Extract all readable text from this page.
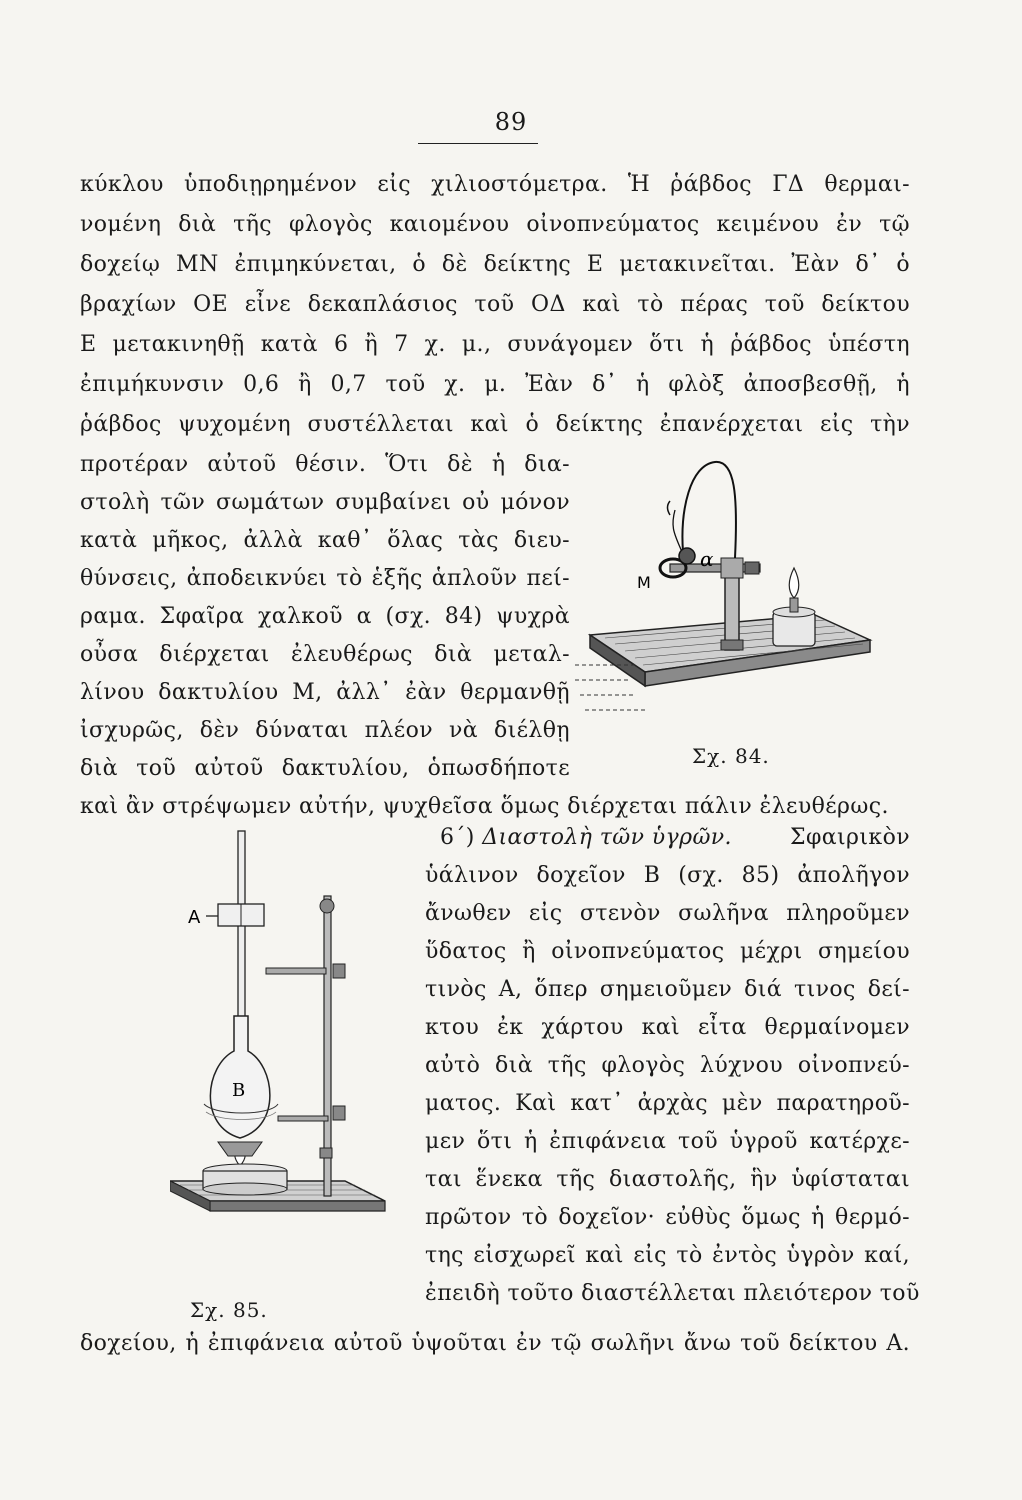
89
κύκλου ὑποδιῃρημένον εἰς χιλιοστόμετρα. Ἡ ῥάβδος ΓΔ θερμαι-
νομένη διὰ τῆς φλογὸς καιομένου οἰνοπνεύματος κειμένου ἐν τῷ
δοχείῳ ΜΝ ἐπιμηκύνεται, ὁ δὲ δείκτης Ε μετακινεῖται. Ἐὰν δ᾽ ὁ
βραχίων ΟΕ εἶνε δεκαπλάσιος τοῦ ΟΔ καὶ τὸ πέρας τοῦ δείκτου
Ε μετακινηθῇ κατὰ 6 ἢ 7 χ. μ., συνάγομεν ὅτι ἡ ῥάβδος ὑπέστη
ἐπιμήκυνσιν 0,6 ἢ 0,7 τοῦ χ. μ. Ἐὰν δ᾽ ἡ φλὸξ ἀποσβεσθῇ, ἡ
ῥάβδος ψυχομένη συστέλλεται καὶ ὁ δείκτης ἐπανέρχεται εἰς τὴν
προτέραν αὐτοῦ θέσιν. Ὅτι δὲ ἡ δια-
στολὴ τῶν σωμάτων συμβαίνει οὐ μόνον
κατὰ μῆκος, ἀλλὰ καθ᾽ ὅλας τὰς διευ-
θύνσεις, ἀποδεικνύει τὸ ἑξῆς ἁπλοῦν πεί-
ραμα. Σφαῖρα χαλκοῦ α (σχ. 84) ψυχρὰ
οὖσα διέρχεται ἐλευθέρως διὰ μεταλ-
λίνου δακτυλίου Μ, ἀλλ᾽ ἐὰν θερμανθῇ
ἰσχυρῶς, δὲν δύναται πλέον νὰ διέλθῃ
διὰ τοῦ αὐτοῦ δακτυλίου, ὁπωσδήποτε
καὶ ἂν στρέψωμεν αὐτήν, ψυχθεῖσα ὅμως διέρχεται πάλιν ἐλευθέρως.
α
Μ
Σχ. 84.
6΄) Διαστολὴ τῶν ὑγρῶν.	Σφαιρικὸν
ὑάλινον δοχεῖον Β (σχ. 85) ἀπολῆγον
ἄνωθεν εἰς στενὸν σωλῆνα πληροῦμεν
ὕδατος ἢ οἰνοπνεύματος μέχρι σημείου
τινὸς Α, ὅπερ σημειοῦμεν διά τινος δεί-
κτου ἐκ χάρτου καὶ εἶτα θερμαίνομεν
αὐτὸ διὰ τῆς φλογὸς λύχνου οἰνοπνεύ-
ματος. Καὶ κατ᾽ ἀρχὰς μὲν παρατηροῦ-
μεν ὅτι ἡ ἐπιφάνεια τοῦ ὑγροῦ κατέρχε-
ται ἕνεκα τῆς διαστολῆς, ἣν ὑφίσταται
πρῶτον τὸ δοχεῖον· εὐθὺς ὅμως ἡ θερμό-
της εἰσχωρεῖ καὶ εἰς τὸ ἐντὸς ὑγρὸν καί,
ἐπειδὴ τοῦτο διαστέλλεται πλειότερον τοῦ
δοχείου, ἡ ἐπιφάνεια αὐτοῦ ὑψοῦται ἐν τῷ σωλῆνι ἄνω τοῦ δείκτου Α.
Α
Β
Σχ. 85.
